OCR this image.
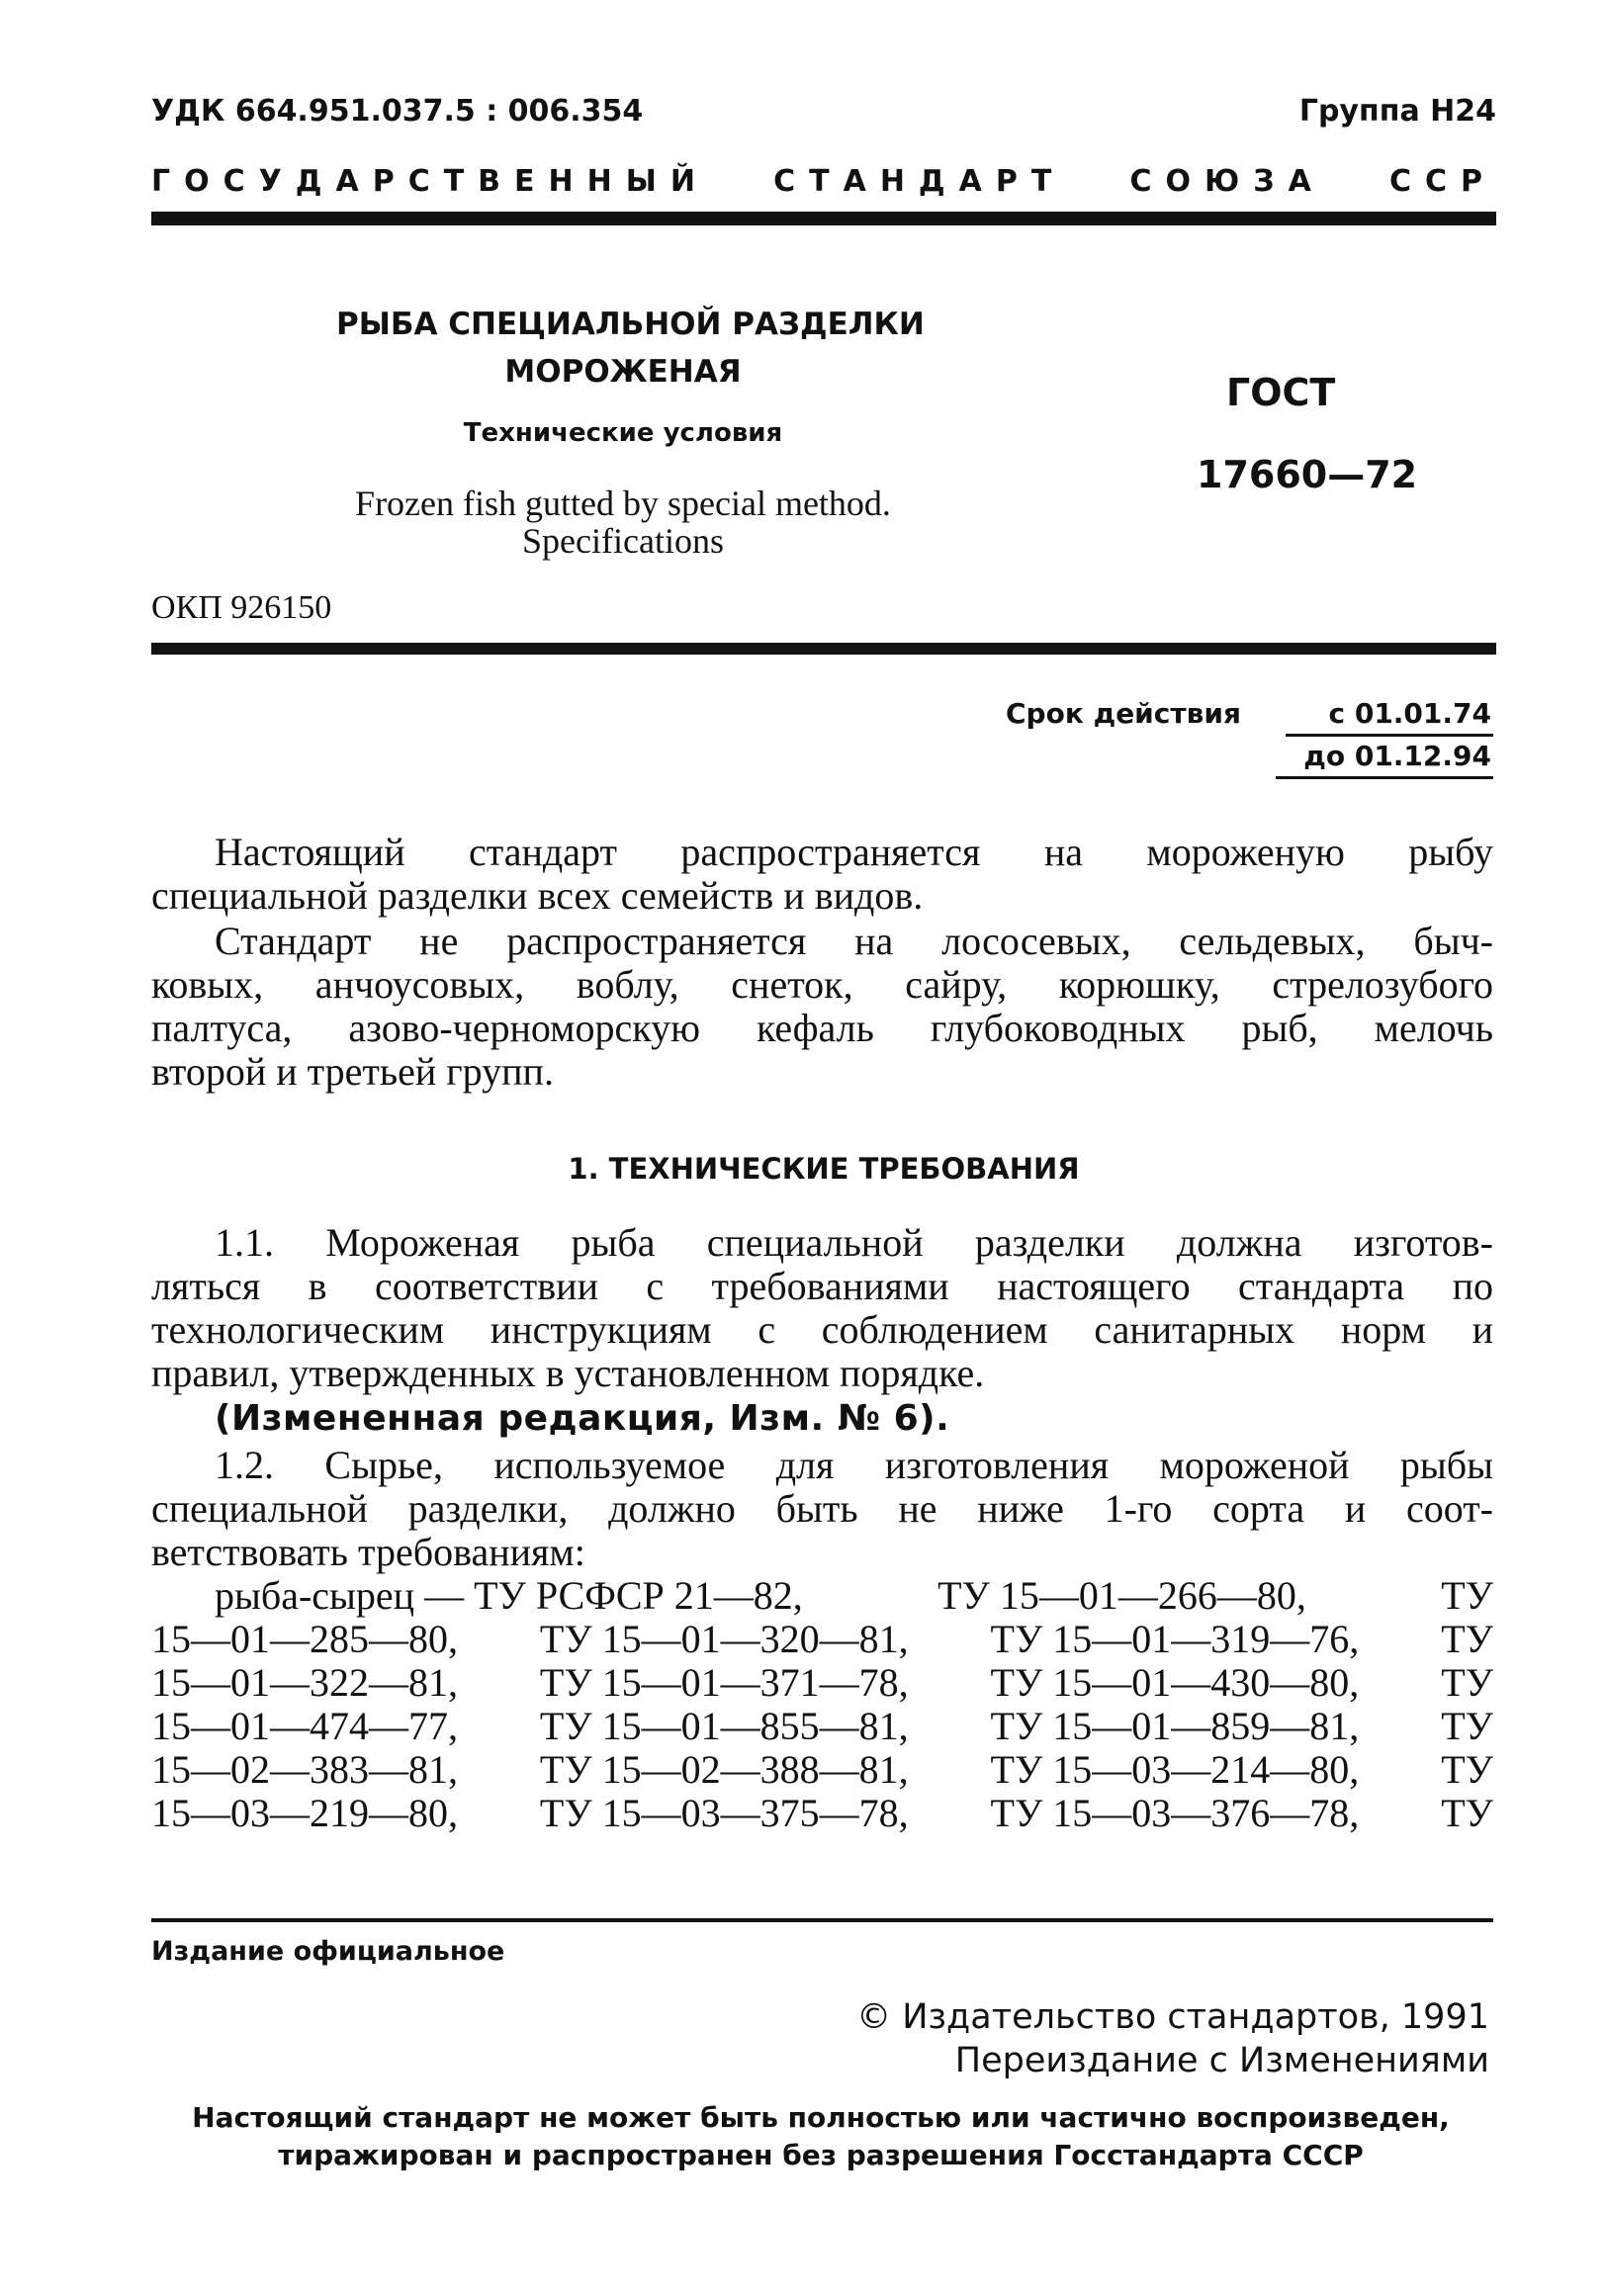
УДК 664.951.037.5 : 006.354	Группа Н24
ГОСУДАРСТВЕННЫЙ СТАНДАРТ СОЮЗА ССР
РЫБА СПЕЦИАЛЬНОЙ РАЗДЕЛКИ
МОРОЖЕНАЯ
Технические условия
Frozen fish gutted by special method.
Specifications
ГОСТ
17660—72
ОКП 926150
Срок действия	с 01.01.74
до 01.12.94
Настоящий стандарт распространяется на мороженую рыбу
специальной разделки всех семейств и видов.
Стандарт не распространяется на лососевых, сельдевых, быч-
ковых, анчоусовых, воблу, снеток, сайру, корюшку, стрелозубого
палтуса, азово-черноморскую кефаль глубоководных рыб, мелочь
второй и третьей групп.
1. ТЕХНИЧЕСКИЕ ТРЕБОВАНИЯ
1.1. Мороженая рыба специальной разделки должна изготов-
ляться в соответствии с требованиями настоящего стандарта по
технологическим инструкциям с соблюдением санитарных норм и
правил, утвержденных в установленном порядке.
(Измененная редакция, Изм. № 6).
1.2. Сырье, используемое для изготовления мороженой рыбы
специальной разделки, должно быть не ниже 1-го сорта и соот-
ветствовать требованиям:
рыба-сырец — ТУ РСФСР 21—82,	ТУ 15—01—266—80,	ТУ
15—01—285—80, ТУ 15—01—320—81, ТУ 15—01—319—76, ТУ
15—01—322—81, ТУ 15—01—371—78, ТУ 15—01—430—80, ТУ
15—01—474—77, ТУ 15—01—855—81, ТУ 15—01—859—81, ТУ
15—02—383—81, ТУ 15—02—388—81, ТУ 15—03—214—80, ТУ
15—03—219—80, ТУ 15—03—375—78, ТУ 15—03—376—78, ТУ
Издание официальное
© Издательство стандартов, 1991
Переиздание с Изменениями
Настоящий стандарт не может быть полностью или частично воспроизведен,
тиражирован и распространен без разрешения Госстандарта СССР
